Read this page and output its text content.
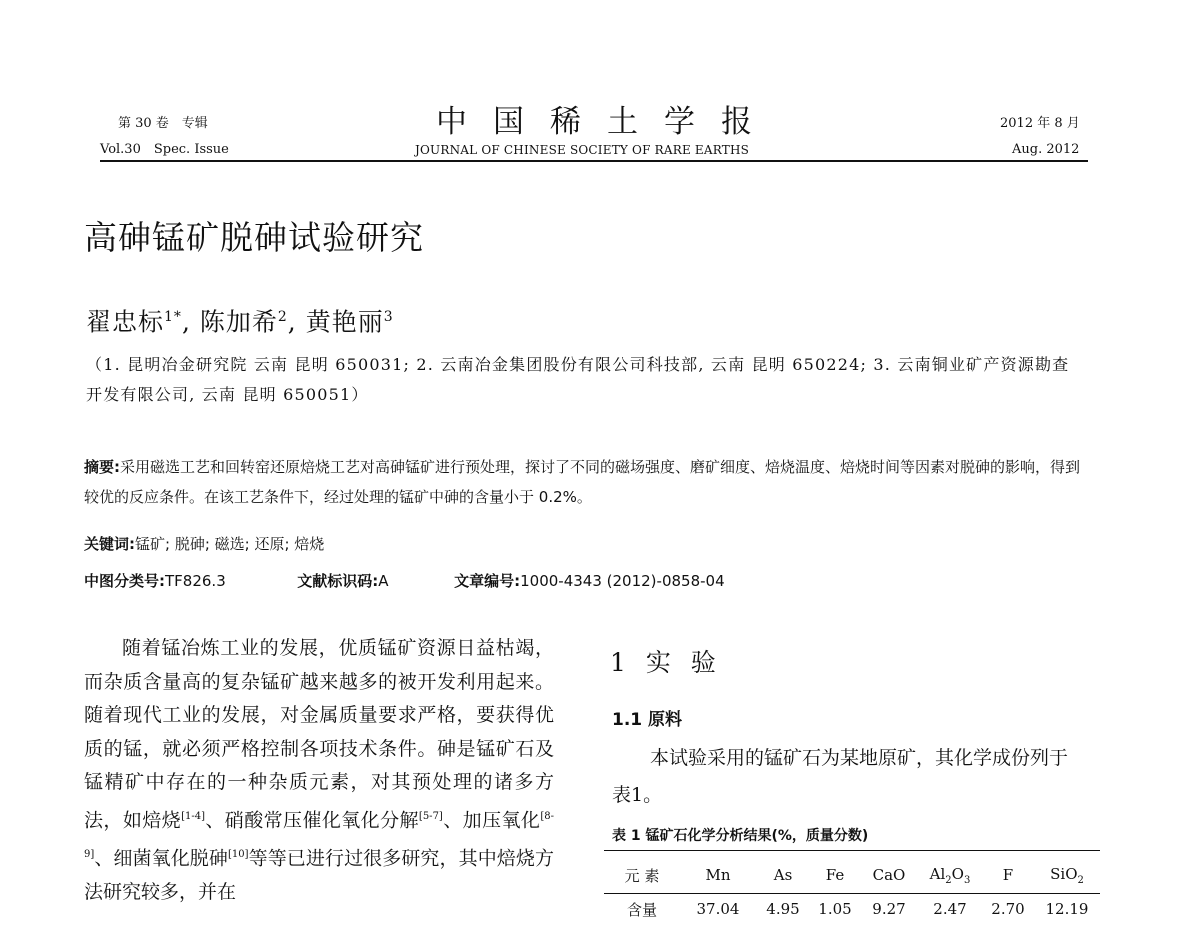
第 30 卷　专辑
Vol.30　Spec. Issue
中国稀土学报
JOURNAL OF CHINESE SOCIETY OF RARE EARTHS
2012 年 8 月
Aug. 2012
高砷锰矿脱砷试验研究
翟忠标$^{1*}$, 陈加希$^2$, 黄艳丽$^3$
（1. 昆明冶金研究院 云南 昆明 650031; 2. 云南冶金集团股份有限公司科技部, 云南 昆明 650224; 3. 云南铜业矿产资源勘查开发有限公司, 云南 昆明 650051）
摘要:采用磁选工艺和回转窑还原焙烧工艺对高砷锰矿进行预处理，探讨了不同的磁场强度、磨矿细度、焙烧温度、焙烧时间等因素对脱砷的影响，得到较优的反应条件。在该工艺条件下，经过处理的锰矿中砷的含量小于 0.2%。
关键词:锰矿; 脱砷; 磁选; 还原; 焙烧
中图分类号:TF826.3	文献标识码:A	文章编号:1000-4343 (2012)-0858-04

随着锰冶炼工业的发展，优质锰矿资源日益枯竭，而杂质含量高的复杂锰矿越来越多的被开发利用起来。随着现代工业的发展，对金属质量要求严格，要获得优质的锰，就必须严格控制各项技术条件。砷是锰矿石及锰精矿中存在的一种杂质元素，对其预处理的诸多方法，如焙烧[1-4]、硝酸常压催化氧化分解[5-7]、加压氧化[8-9]、细菌氧化脱砷[10]等等已进行过很多研究，其中焙烧方法研究较多，并在

1 实 验
1.1 原料

本试验采用的锰矿石为某地原矿，其化学成份列于表1。

表 1 锰矿石化学分析结果(%，质量分数)
元 素	Mn	As	Fe	CaO	$Al_2O_3$	F	SiO$_2$
含量	37.04	4.95	1.05	9.27	2.47	2.70	12.19
